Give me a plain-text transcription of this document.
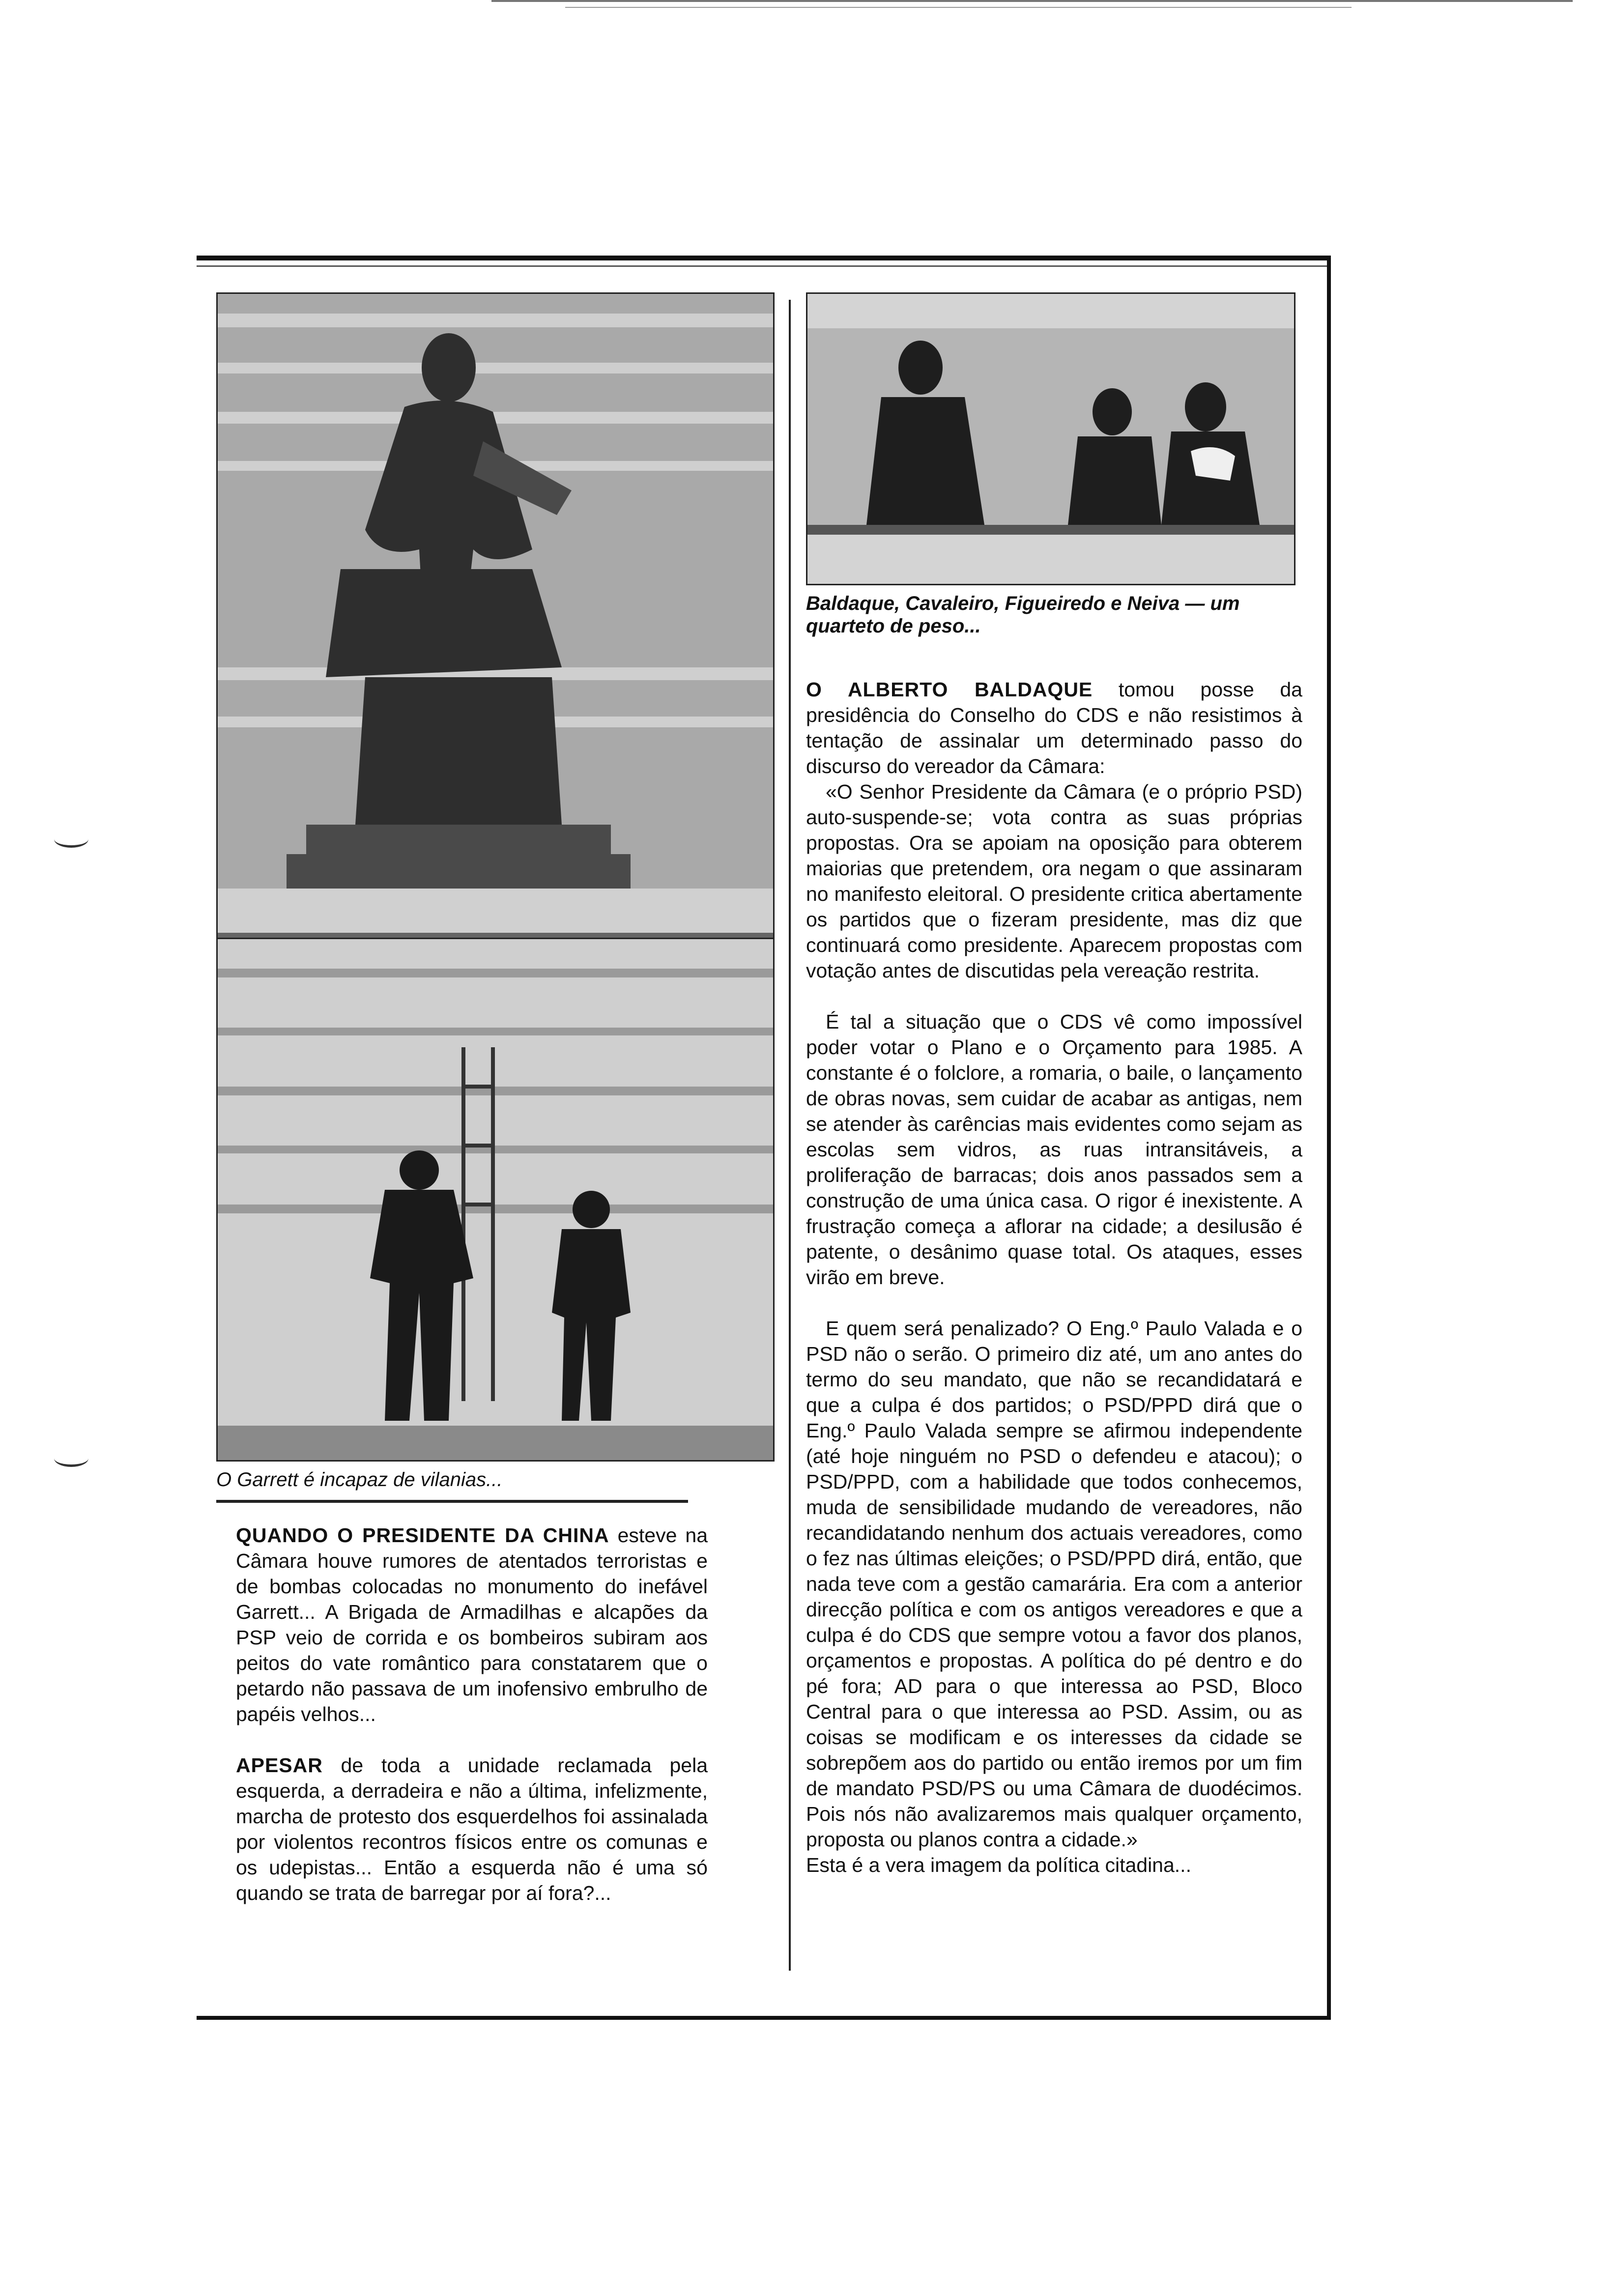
O Garrett é incapaz de vilanias...

QUANDO O PRESIDENTE DA CHINA esteve na Câmara houve rumores de atentados terroristas e de bombas colocadas no monumento do inefável Garrett... A Brigada de Armadilhas e alcapões da PSP veio de corrida e os bombeiros subiram aos peitos do vate romântico para constatarem que o petardo não passava de um inofensivo embrulho de papéis velhos...

APESAR de toda a unidade reclamada pela esquerda, a derradeira e não a última, infelizmente, marcha de protesto dos esquerdelhos foi assinalada por violentos recontros físicos entre os comunas e os udepistas... Então a esquerda não é uma só quando se trata de barregar por aí fora?...

Baldaque, Cavaleiro, Figueiredo e Neiva — um quarteto de peso...

O ALBERTO BALDAQUE tomou posse da presidência do Conselho do CDS e não resistimos à tentação de assinalar um determinado passo do discurso do vereador da Câmara:

«O Senhor Presidente da Câmara (e o próprio PSD) auto-suspende-se; vota contra as suas próprias propostas. Ora se apoiam na oposição para obterem maiorias que pretendem, ora negam o que assinaram no manifesto eleitoral. O presidente critica abertamente os partidos que o fizeram presidente, mas diz que continuará como presidente. Aparecem propostas com votação antes de discutidas pela vereação restrita.

É tal a situação que o CDS vê como impossível poder votar o Plano e o Orçamento para 1985. A constante é o folclore, a romaria, o baile, o lançamento de obras novas, sem cuidar de acabar as antigas, nem se atender às carências mais evidentes como sejam as escolas sem vidros, as ruas intransitáveis, a proliferação de barracas; dois anos passados sem a construção de uma única casa. O rigor é inexistente. A frustração começa a aflorar na cidade; a desilusão é patente, o desânimo quase total. Os ataques, esses virão em breve.

E quem será penalizado? O Eng.º Paulo Valada e o PSD não o serão. O primeiro diz até, um ano antes do termo do seu mandato, que não se recandidatará e que a culpa é dos partidos; o PSD/PPD dirá que o Eng.º Paulo Valada sempre se afirmou independente (até hoje ninguém no PSD o defendeu e atacou); o PSD/PPD, com a habilidade que todos conhecemos, muda de sensibilidade mudando de vereadores, não recandidatando nenhum dos actuais vereadores, como o fez nas últimas eleições; o PSD/PPD dirá, então, que nada teve com a gestão camarária. Era com a anterior direcção política e com os antigos vereadores e que a culpa é do CDS que sempre votou a favor dos planos, orçamentos e propostas. A política do pé dentro e do pé fora; AD para o que interessa ao PSD, Bloco Central para o que interessa ao PSD. Assim, ou as coisas se modificam e os interesses da cidade se sobrepõem aos do partido ou então iremos por um fim de mandato PSD/PS ou uma Câmara de duodécimos. Pois nós não avalizaremos mais qualquer orçamento, proposta ou planos contra a cidade.»

Esta é a vera imagem da política citadina...
